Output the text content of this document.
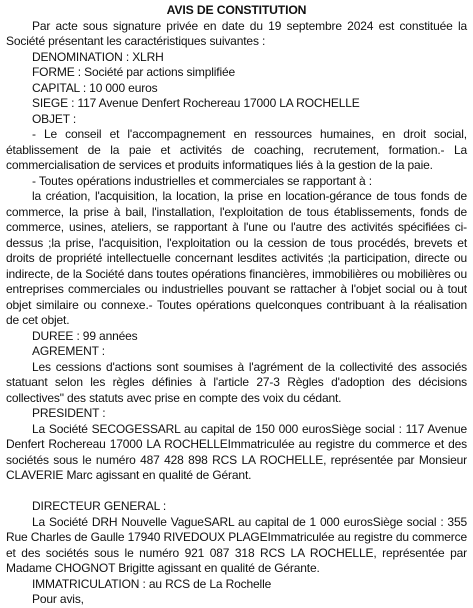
AVIS DE CONSTITUTION

Par acte sous signature privée en date du 19 septembre 2024 est constituée la Société présentant les caractéristiques suivantes :

DENOMINATION : XLRH

FORME : Société par actions simplifiée

CAPITAL : 10 000 euros

SIEGE : 117 Avenue Denfert Rochereau 17000 LA ROCHELLE

OBJET :

- Le conseil et l'accompagnement en ressources humaines, en droit social, établissement de la paie et activités de coaching, recrutement, formation.- La commercialisation de services et produits informatiques liés à la gestion de la paie.

- Toutes opérations industrielles et commerciales se rapportant à :

la création, l'acquisition, la location, la prise en location-gérance de tous fonds de commerce, la prise à bail, l'installation, l'exploitation de tous établissements, fonds de commerce, usines, ateliers, se rapportant à l'une ou l'autre des activités spécifiées ci-dessus ;la prise, l'acquisition, l'exploitation ou la cession de tous procédés, brevets et droits de propriété intellectuelle concernant lesdites activités ;la participation, directe ou indirecte, de la Société dans toutes opérations financières, immobilières ou mobilières ou entreprises commerciales ou industrielles pouvant se rattacher à l'objet social ou à tout objet similaire ou connexe.- Toutes opérations quelconques contribuant à la réalisation de cet objet.

DUREE : 99 années

AGREMENT :

Les cessions d'actions sont soumises à l'agrément de la collectivité des associés statuant selon les règles définies à l'article 27-3 Règles d'adoption des décisions collectives" des statuts avec prise en compte des voix du cédant.

PRESIDENT :

La Société SECOGESSARL au capital de 150 000 eurosSiège social : 117 Avenue Denfert Rochereau 17000 LA ROCHELLEImmatriculée au registre du commerce et des sociétés sous le numéro 487 428 898 RCS LA ROCHELLE, représentée par Monsieur CLAVERIE Marc agissant en qualité de Gérant.

DIRECTEUR GENERAL :

La Société DRH Nouvelle VagueSARL au capital de 1 000 eurosSiège social : 355 Rue Charles de Gaulle 17940 RIVEDOUX PLAGEImmatriculée au registre du commerce et des sociétés sous le numéro 921 087 318 RCS LA ROCHELLE, représentée par Madame CHOGNOT Brigitte agissant en qualité de Gérante.

IMMATRICULATION : au RCS de La Rochelle

Pour avis,
